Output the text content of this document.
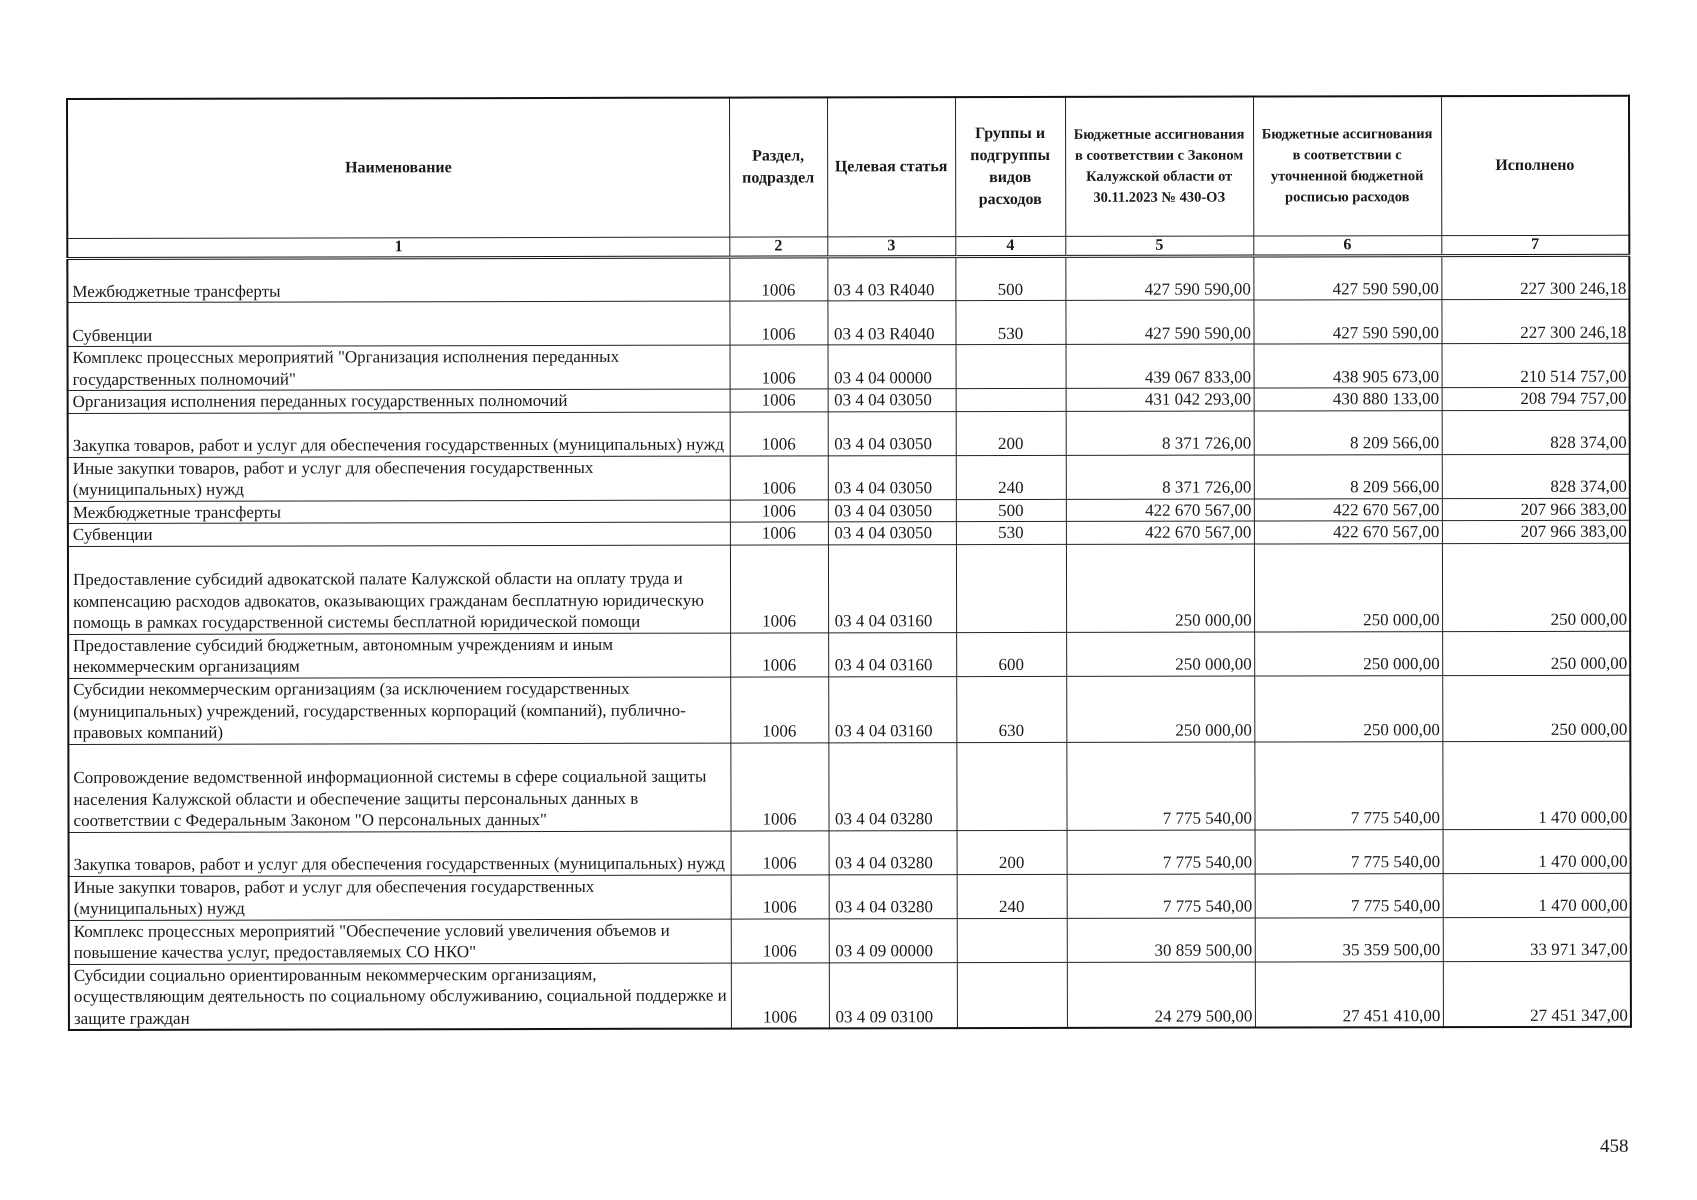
Наименование	Раздел, подраздел	Целевая статья	Группы и подгруппы видов расходов	Бюджетные ассигнования в соответствии с Законом Калужской области от 30.11.2023 № 430-ОЗ	Бюджетные ассигнования в соответствии с уточненной бюджетной росписью расходов	Исполнено
1	2	3	4	5	6	7
Межбюджетные трансферты	1006	03 4 03 R4040	500	427 590 590,00	427 590 590,00	227 300 246,18
Субвенции	1006	03 4 03 R4040	530	427 590 590,00	427 590 590,00	227 300 246,18
Комплекс процессных мероприятий "Организация исполнения переданных государственных полномочий"	1006	03 4 04 00000		439 067 833,00	438 905 673,00	210 514 757,00
Организация исполнения переданных государственных полномочий	1006	03 4 04 03050		431 042 293,00	430 880 133,00	208 794 757,00
Закупка товаров, работ и услуг для обеспечения государственных (муниципальных) нужд	1006	03 4 04 03050	200	8 371 726,00	8 209 566,00	828 374,00
Иные закупки товаров, работ и услуг для обеспечения государственных (муниципальных) нужд	1006	03 4 04 03050	240	8 371 726,00	8 209 566,00	828 374,00
Межбюджетные трансферты	1006	03 4 04 03050	500	422 670 567,00	422 670 567,00	207 966 383,00
Субвенции	1006	03 4 04 03050	530	422 670 567,00	422 670 567,00	207 966 383,00
Предоставление субсидий адвокатской палате Калужской области на оплату труда и компенсацию расходов адвокатов, оказывающих гражданам бесплатную юридическую помощь в рамках государственной системы бесплатной юридической помощи	1006	03 4 04 03160		250 000,00	250 000,00	250 000,00
Предоставление субсидий бюджетным, автономным учреждениям и иным некоммерческим организациям	1006	03 4 04 03160	600	250 000,00	250 000,00	250 000,00
Субсидии некоммерческим организациям (за исключением государственных (муниципальных) учреждений, государственных корпораций (компаний), публично-правовых компаний)	1006	03 4 04 03160	630	250 000,00	250 000,00	250 000,00
Сопровождение ведомственной информационной системы в сфере социальной защиты населения Калужской области и обеспечение защиты персональных данных в соответствии с Федеральным Законом "О персональных данных"	1006	03 4 04 03280		7 775 540,00	7 775 540,00	1 470 000,00
Закупка товаров, работ и услуг для обеспечения государственных (муниципальных) нужд	1006	03 4 04 03280	200	7 775 540,00	7 775 540,00	1 470 000,00
Иные закупки товаров, работ и услуг для обеспечения государственных (муниципальных) нужд	1006	03 4 04 03280	240	7 775 540,00	7 775 540,00	1 470 000,00
Комплекс процессных мероприятий "Обеспечение условий увеличения объемов и повышение качества услуг, предоставляемых СО НКО"	1006	03 4 09 00000		30 859 500,00	35 359 500,00	33 971 347,00
Субсидии социально ориентированным некоммерческим организациям, осуществляющим деятельность по социальному обслуживанию, социальной поддержке и защите граждан	1006	03 4 09 03100		24 279 500,00	27 451 410,00	27 451 347,00
458
